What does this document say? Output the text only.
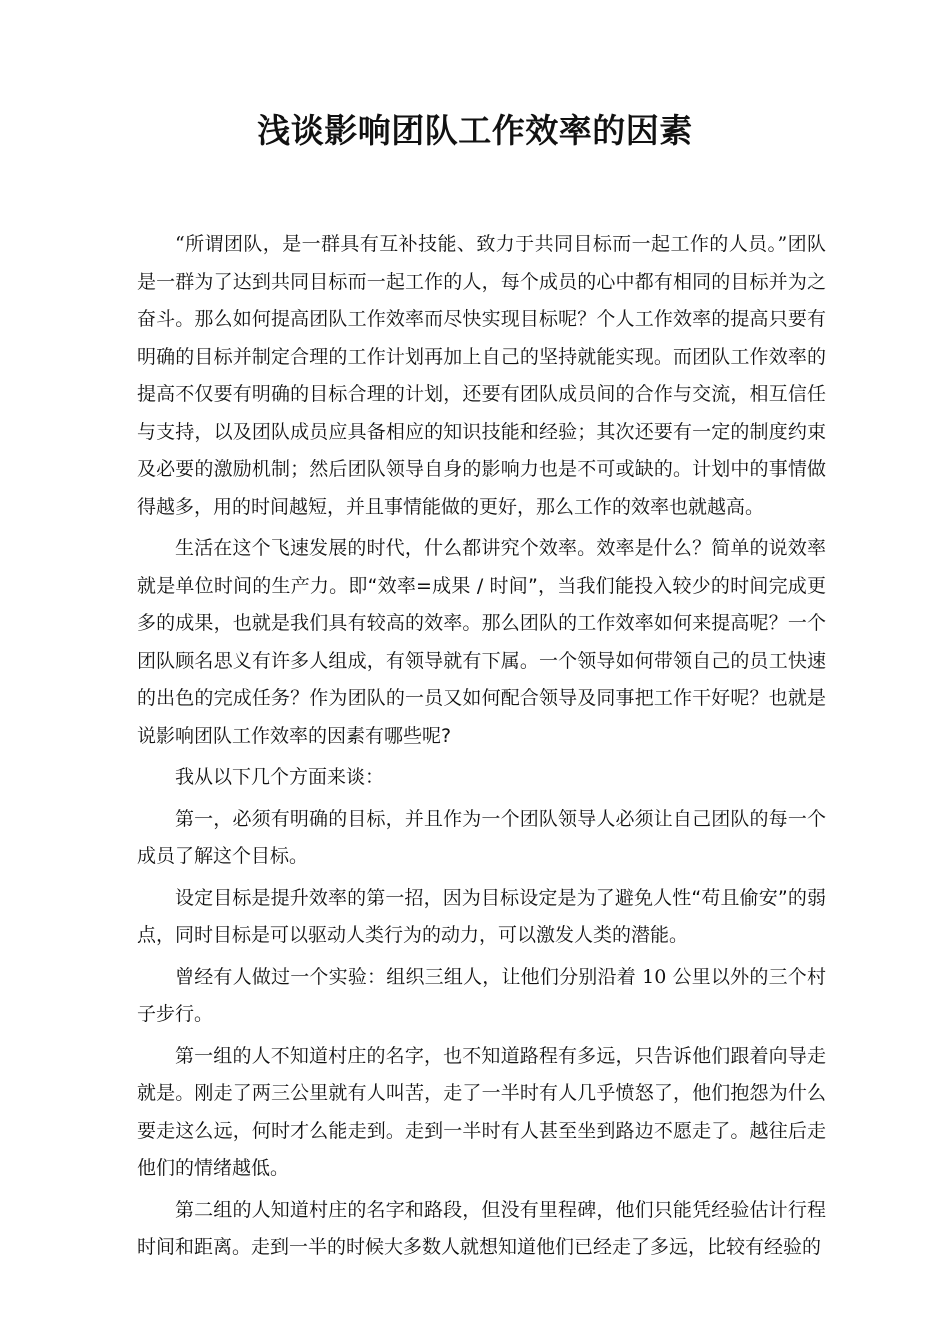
浅谈影响团队工作效率的因素

“所谓团队，是一群具有互补技能、致力于共同目标而一起工作的人员。”团队是一群为了达到共同目标而一起工作的人，每个成员的心中都有相同的目标并为之奋斗。那么如何提高团队工作效率而尽快实现目标呢？个人工作效率的提高只要有明确的目标并制定合理的工作计划再加上自己的坚持就能实现。而团队工作效率的提高不仅要有明确的目标合理的计划，还要有团队成员间的合作与交流，相互信任与支持，以及团队成员应具备相应的知识技能和经验；其次还要有一定的制度约束及必要的激励机制；然后团队领导自身的影响力也是不可或缺的。计划中的事情做得越多，用的时间越短，并且事情能做的更好，那么工作的效率也就越高。

生活在这个飞速发展的时代，什么都讲究个效率。效率是什么？简单的说效率就是单位时间的生产力。即“效率=成果 / 时间”，当我们能投入较少的时间完成更多的成果，也就是我们具有较高的效率。那么团队的工作效率如何来提高呢？一个团队顾名思义有许多人组成，有领导就有下属。一个领导如何带领自己的员工快速的出色的完成任务？作为团队的一员又如何配合领导及同事把工作干好呢？也就是说影响团队工作效率的因素有哪些呢?

我从以下几个方面来谈：

第一，必须有明确的目标，并且作为一个团队领导人必须让自己团队的每一个成员了解这个目标。

设定目标是提升效率的第一招，因为目标设定是为了避免人性“苟且偷安”的弱点，同时目标是可以驱动人类行为的动力，可以激发人类的潜能。

曾经有人做过一个实验：组织三组人，让他们分别沿着 10 公里以外的三个村子步行。

第一组的人不知道村庄的名字，也不知道路程有多远，只告诉他们跟着向导走就是。刚走了两三公里就有人叫苦，走了一半时有人几乎愤怒了，他们抱怨为什么要走这么远，何时才么能走到。走到一半时有人甚至坐到路边不愿走了。越往后走他们的情绪越低。

第二组的人知道村庄的名字和路段，但没有里程碑，他们只能凭经验估计行程时间和距离。走到一半的时候大多数人就想知道他们已经走了多远，比较有经验的
